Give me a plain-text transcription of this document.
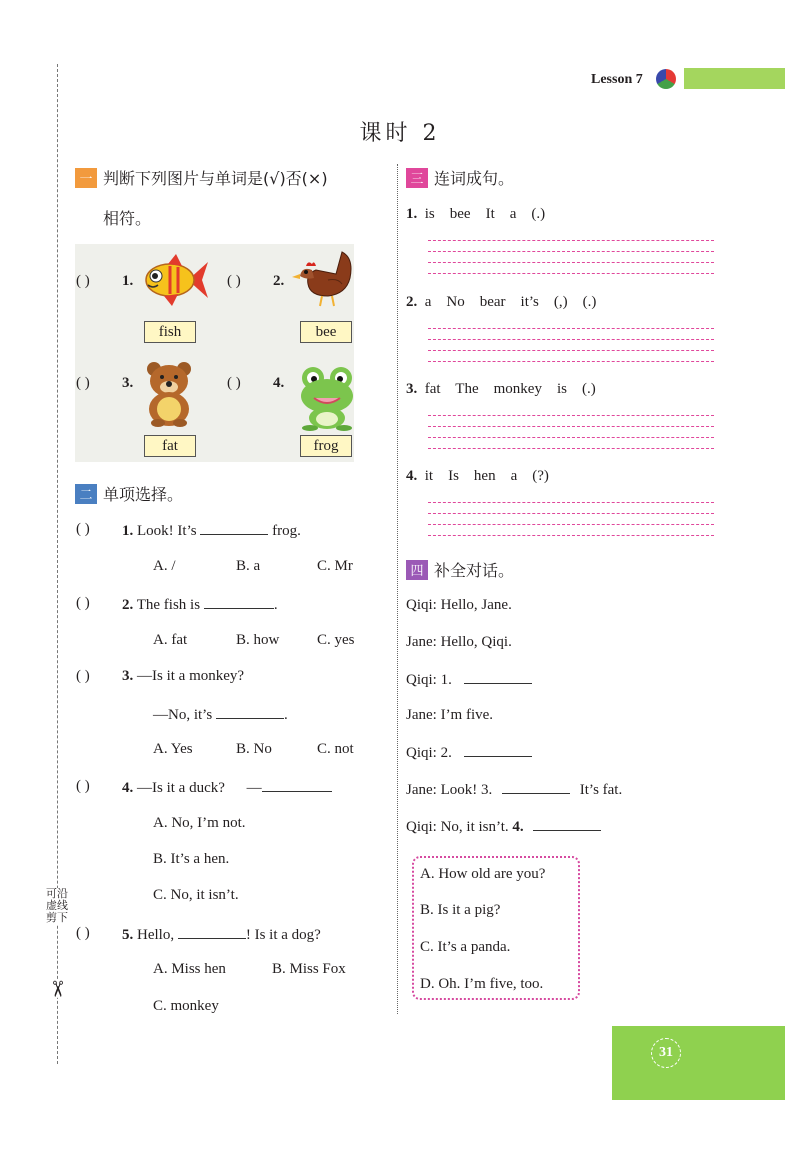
可沿虚线剪下
✂
Lesson 7
课时 2
一 判断下列图片与单词是(√)否(×)
相符。
( ) 1.
fish
( ) 2.
bee
( ) 3.
fat
( ) 4.
frog
二 单项选择。
( ) 1. Look! It’s	frog.
A. /	B. a	C. Mr
( ) 2. The fish is	.
A. fat	B. how	C. yes
( ) 3. —Is it a monkey?
—No, it’s	.
A. Yes	B. No	C. not
( ) 4. —Is it a duck? —
A. No, I’m not.
B. It’s a hen.
C. No, it isn’t.
( ) 5. Hello,	! Is it a dog?
A. Miss hen	B. Miss Fox
C. monkey
三 连词成句。
1. is    bee    It    a    (.)
2. a    No    bear    it’s    (,)    (.)
3. fat    The    monkey    is    (.)
4. it    Is    hen    a    (?)
四 补全对话。
Qiqi: Hello, Jane.
Jane: Hello, Qiqi.
Qiqi: 1.
Jane: I’m five.
Qiqi: 2.
Jane: Look! 3.	It’s fat.
Qiqi: No, it isn’t. 4.
A. How old are you?
B. Is it a pig?
C. It’s a panda.
D. Oh. I’m five, too.
31
